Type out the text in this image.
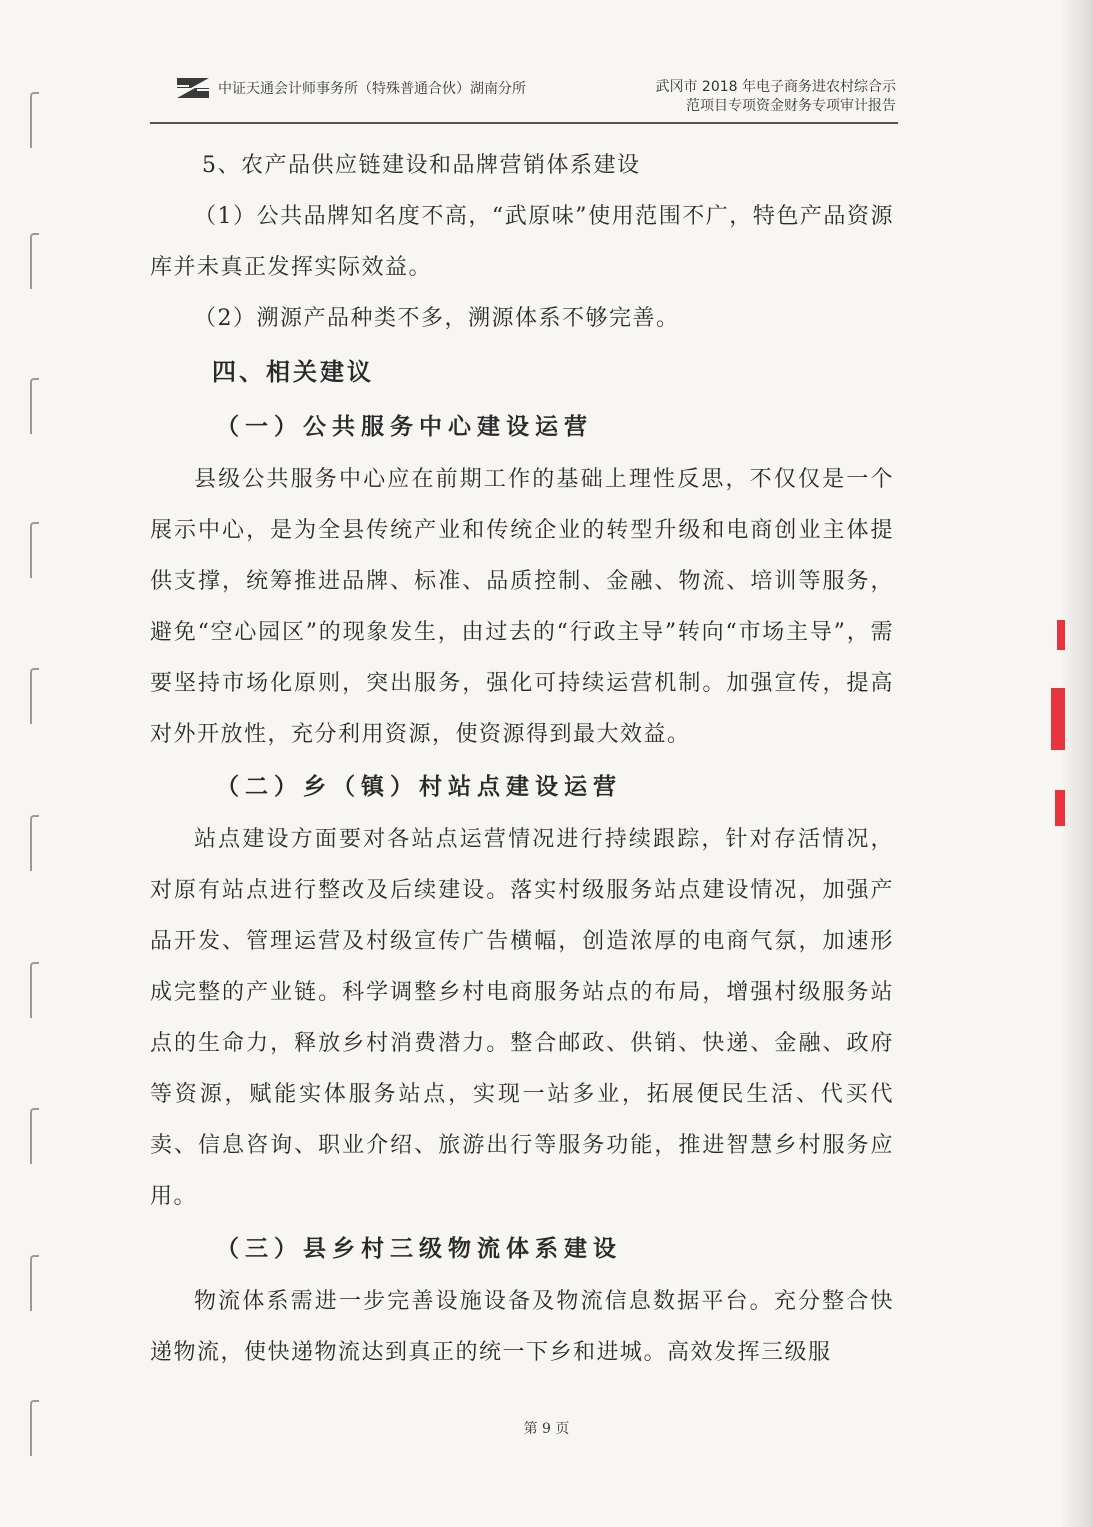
中证天通会计师事务所（特殊普通合伙）湖南分所	武冈市 2018 年电子商务进农村综合示
范项目专项资金财务专项审计报告

5、农产品供应链建设和品牌营销体系建设

（1）公共品牌知名度不高，“武原味”使用范围不广，特色产品资源库并未真正发挥实际效益。

（2）溯源产品种类不多，溯源体系不够完善。

四、相关建议
（一）公共服务中心建设运营

县级公共服务中心应在前期工作的基础上理性反思，不仅仅是一个展示中心，是为全县传统产业和传统企业的转型升级和电商创业主体提供支撑，统筹推进品牌、标准、品质控制、金融、物流、培训等服务，避免“空心园区”的现象发生，由过去的“行政主导”转向“市场主导”，需要坚持市场化原则，突出服务，强化可持续运营机制。加强宣传，提高对外开放性，充分利用资源，使资源得到最大效益。

（二）乡（镇）村站点建设运营

站点建设方面要对各站点运营情况进行持续跟踪，针对存活情况，对原有站点进行整改及后续建设。落实村级服务站点建设情况，加强产品开发、管理运营及村级宣传广告横幅，创造浓厚的电商气氛，加速形成完整的产业链。科学调整乡村电商服务站点的布局，增强村级服务站点的生命力，释放乡村消费潜力。整合邮政、供销、快递、金融、政府等资源，赋能实体服务站点，实现一站多业，拓展便民生活、代买代卖、信息咨询、职业介绍、旅游出行等服务功能，推进智慧乡村服务应用。

（三）县乡村三级物流体系建设

物流体系需进一步完善设施设备及物流信息数据平台。充分整合快递物流，使快递物流达到真正的统一下乡和进城。高效发挥三级服

第 9 页
